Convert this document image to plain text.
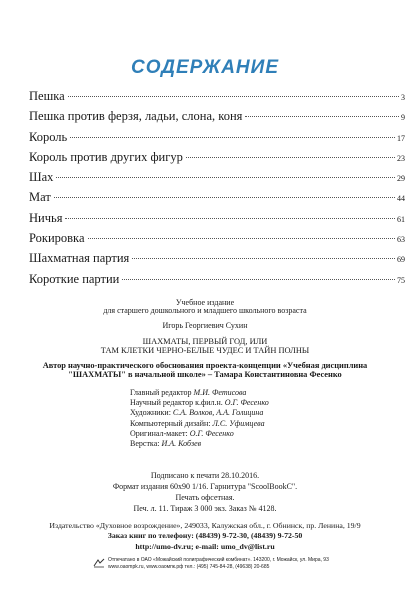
СОДЕРЖАНИЕ
Пешка	3
Пешка против ферзя, ладьи, слона, коня	9
Король	17
Король против других фигур	23
Шах	29
Мат	44
Ничья	61
Рокировка	63
Шахматная партия	69
Короткие партии	75
Учебное издание
для старшего дошкольного и младшего школьного возраста
Игорь Георгиевич Сухин
ШАХМАТЫ, ПЕРВЫЙ ГОД, ИЛИ
ТАМ КЛЕТКИ ЧЕРНО-БЕЛЫЕ ЧУДЕС И ТАЙН ПОЛНЫ
Автор научно-практического обоснования проекта-концепции «Учебная дисциплина
"ШАХМАТЫ" в начальной школе» – Тамара Константиновна Фесенко
Главный редактор М.И. Фетисова
Научный редактор к.фил.н. О.Г. Фесенко
Художники: С.А. Волков, А.А. Голицина
Компьютерный дизайн: Л.С. Уфимцева
Оригинал-макет: О.Г. Фесенко
Верстка: И.А. Кобзев
Подписано к печати 28.10.2016.
Формат издания 60x90 1/16. Гарнитура "ScoolBookC".
Печать офсетная.
Печ. л. 11. Тираж 3 000 экз. Заказ № 4128.
Издательство «Духовное возрождение», 249033, Калужская обл., г. Обнинск, пр. Ленина, 19/9
Заказ книг по телефону: (48439) 9-72-30, (48439) 9-72-50
http://umo-dv.ru; e-mail: umo_dv@list.ru
Отпечатано в ОАО «Можайский полиграфический комбинат». 143200, г. Можайск, ул. Мира, 93
www.oaompk.ru, www.оаомпк.рф тел.: (495) 745-84-28, (49638) 20-685
